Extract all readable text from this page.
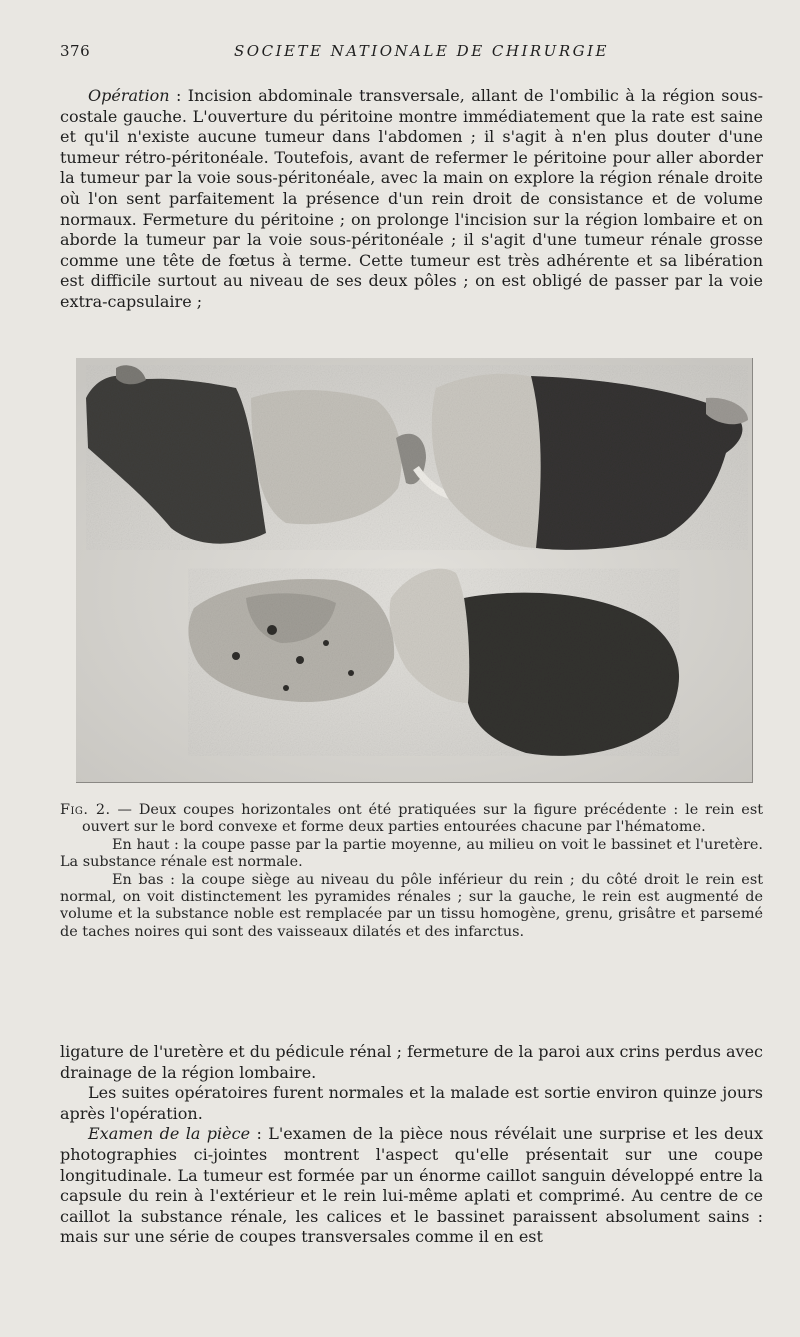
376	SOCIETE NATIONALE DE CHIRURGIE

Opération : Incision abdominale transversale, allant de l'ombilic à la région sous-costale gauche. L'ouverture du péritoine montre immédiatement que la rate est saine et qu'il n'existe aucune tumeur dans l'abdomen ; il s'agit à n'en plus douter d'une tumeur rétro-péritonéale. Toutefois, avant de refermer le péritoine pour aller aborder la tumeur par la voie sous-péritonéale, avec la main on explore la région rénale droite où l'on sent parfaitement la présence d'un rein droit de consistance et de volume normaux. Fermeture du péritoine ; on prolonge l'incision sur la région lombaire et on aborde la tumeur par la voie sous-péritonéale ; il s'agit d'une tumeur rénale grosse comme une tête de fœtus à terme. Cette tumeur est très adhérente et sa libération est difficile surtout au niveau de ses deux pôles ; on est obligé de passer par la voie extra-capsulaire ;

Fig. 2. — Deux coupes horizontales ont été pratiquées sur la figure précédente : le rein est ouvert sur le bord convexe et forme deux parties entourées chacune par l'hématome.

En haut : la coupe passe par la partie moyenne, au milieu on voit le bassinet et l'uretère. La substance rénale est normale.

En bas : la coupe siège au niveau du pôle inférieur du rein ; du côté droit le rein est normal, on voit distinctement les pyramides rénales ; sur la gauche, le rein est augmenté de volume et la substance noble est remplacée par un tissu homogène, grenu, grisâtre et parsemé de taches noires qui sont des vaisseaux dilatés et des infarctus.

ligature de l'uretère et du pédicule rénal ; fermeture de la paroi aux crins perdus avec drainage de la région lombaire.

Les suites opératoires furent normales et la malade est sortie environ quinze jours après l'opération.

Examen de la pièce : L'examen de la pièce nous révélait une surprise et les deux photographies ci-jointes montrent l'aspect qu'elle présentait sur une coupe longitudinale. La tumeur est formée par un énorme caillot sanguin développé entre la capsule du rein à l'extérieur et le rein lui-même aplati et comprimé. Au centre de ce caillot la substance rénale, les calices et le bassinet paraissent absolument sains : mais sur une série de coupes transversales comme il en est
